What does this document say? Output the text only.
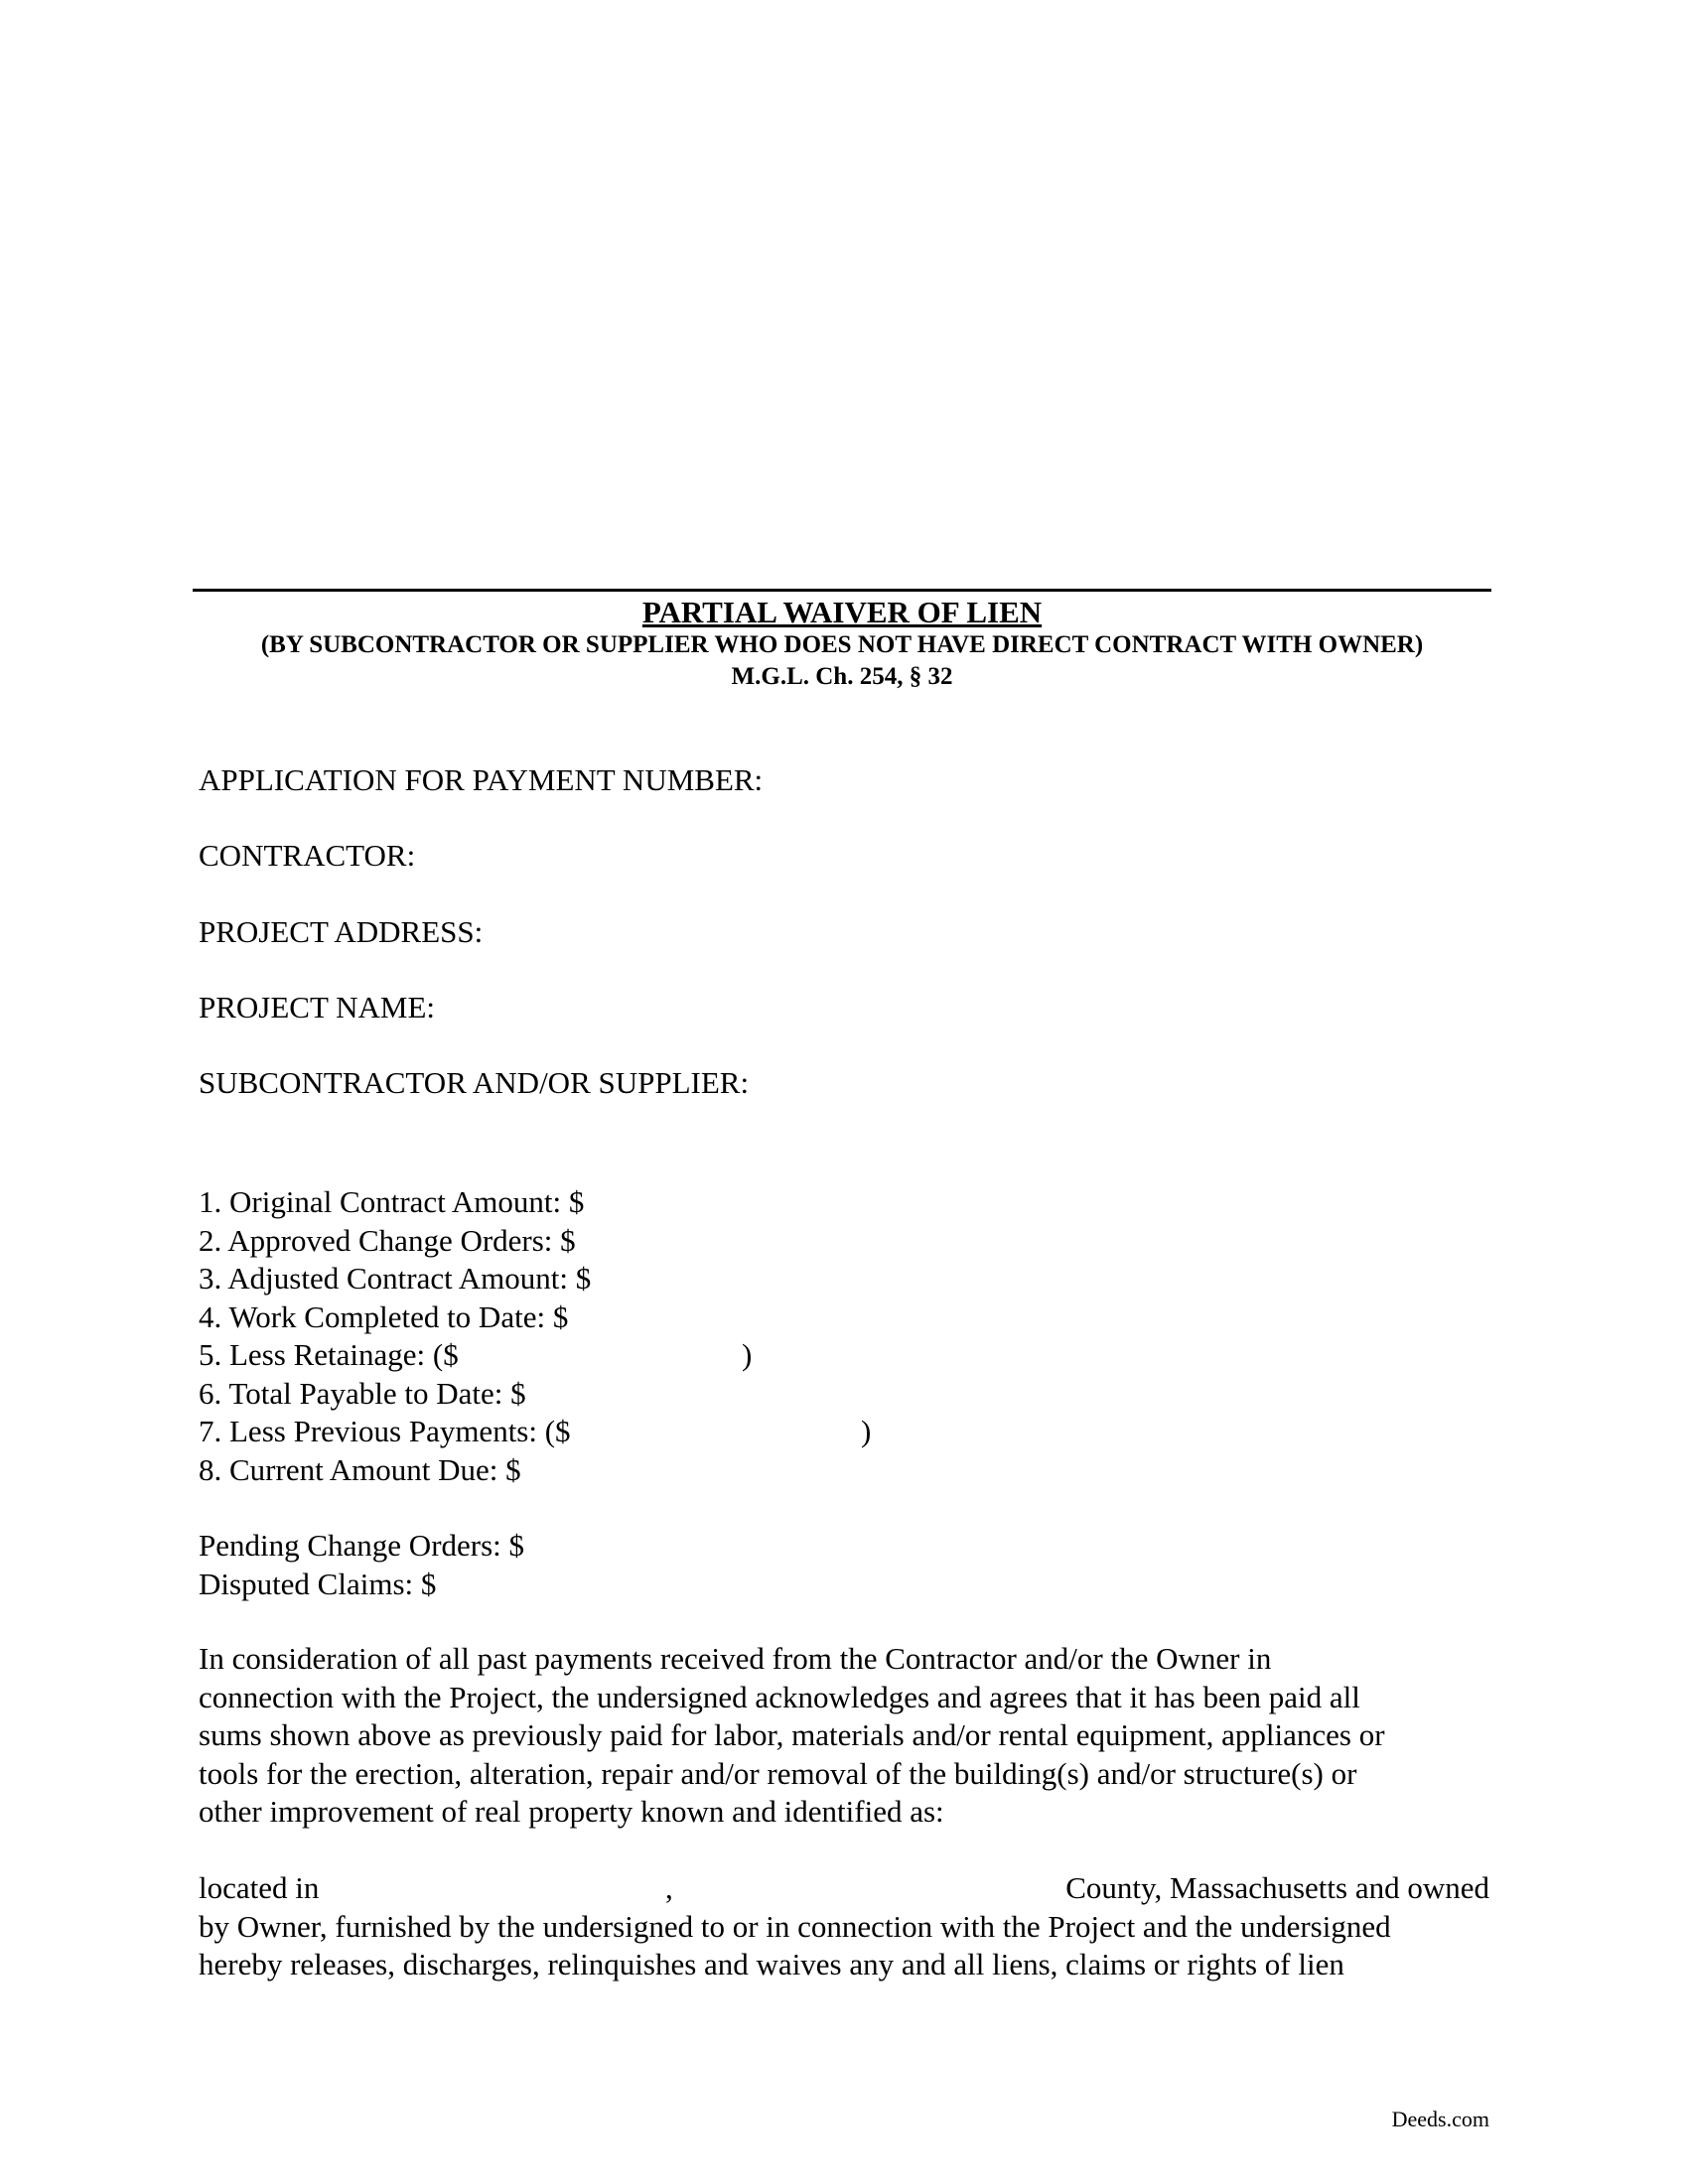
PARTIAL WAIVER OF LIEN
(BY SUBCONTRACTOR OR SUPPLIER WHO DOES NOT HAVE DIRECT CONTRACT WITH OWNER)
M.G.L. Ch. 254, § 32
APPLICATION FOR PAYMENT NUMBER:
CONTRACTOR:
PROJECT ADDRESS:
PROJECT NAME:
SUBCONTRACTOR AND/OR SUPPLIER:
1. Original Contract Amount: $
2. Approved Change Orders: $
3. Adjusted Contract Amount: $
4. Work Completed to Date: $
5. Less Retainage: ($	)
6. Total Payable to Date: $
7. Less Previous Payments: ($	)
8. Current Amount Due: $
Pending Change Orders: $
Disputed Claims: $
In consideration of all past payments received from the Contractor and/or the Owner in
connection with the Project, the undersigned acknowledges and agrees that it has been paid all
sums shown above as previously paid for labor, materials and/or rental equipment, appliances or
tools for the erection, alteration, repair and/or removal of the building(s) and/or structure(s) or
other improvement of real property known and identified as:
located in	,	County, Massachusetts and owned
by Owner, furnished by the undersigned to or in connection with the Project and the undersigned
hereby releases, discharges, relinquishes and waives any and all liens, claims or rights of lien
Deeds.com
